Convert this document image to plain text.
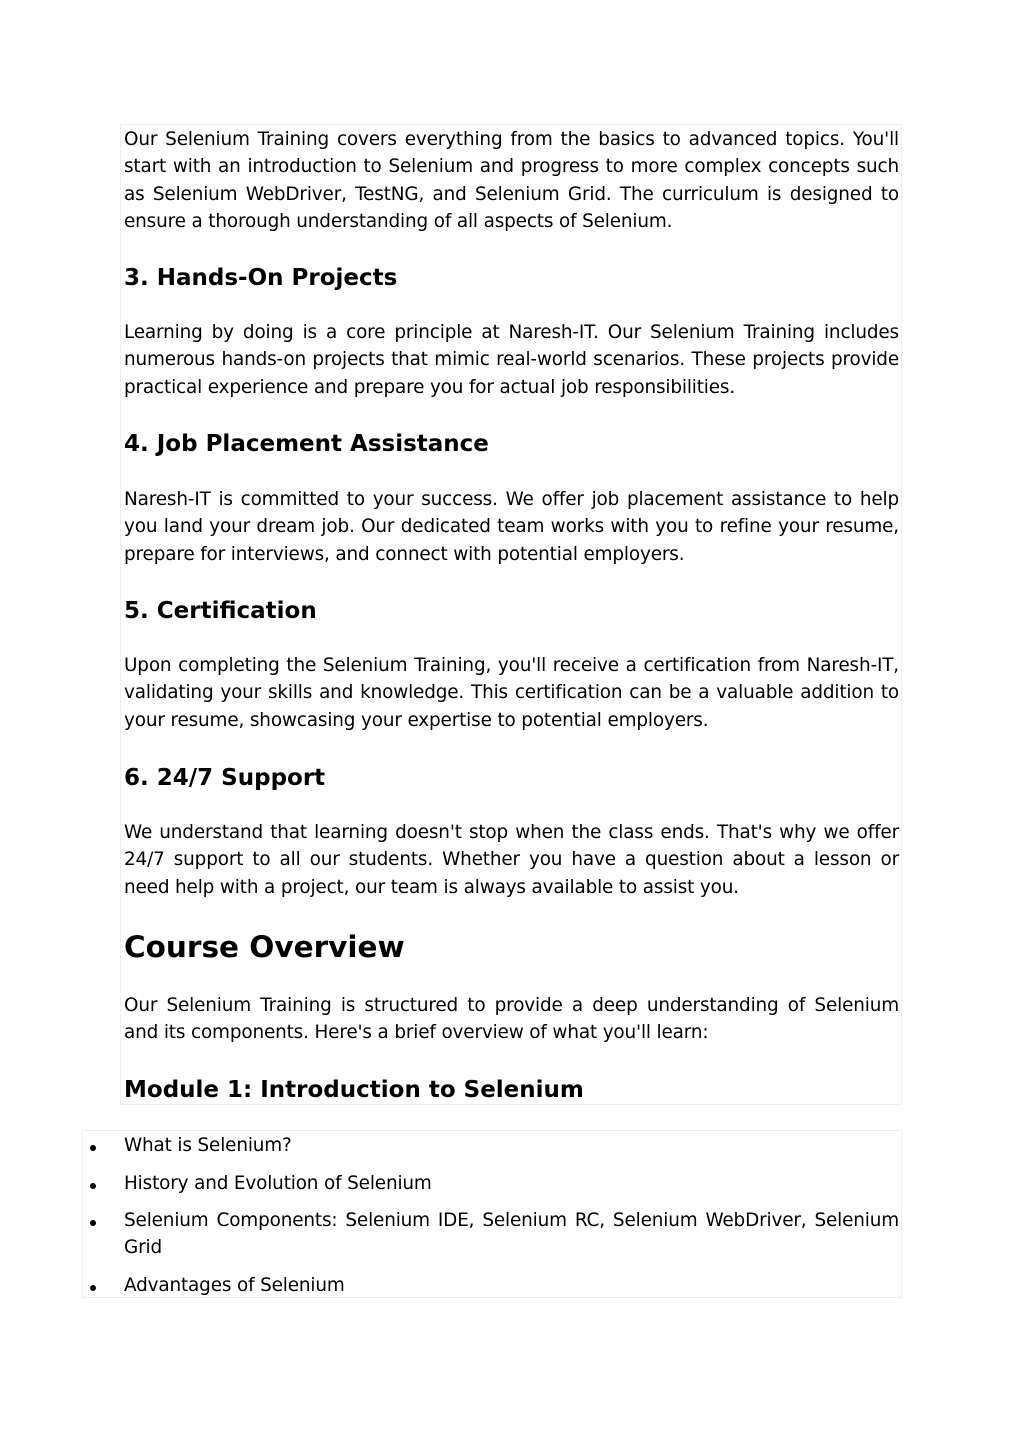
Our Selenium Training covers everything from the basics to advanced topics. You'll start with an introduction to Selenium and progress to more complex concepts such as Selenium WebDriver, TestNG, and Selenium Grid. The curriculum is designed to ensure a thorough understanding of all aspects of Selenium.

3. Hands-On Projects

Learning by doing is a core principle at Naresh-IT. Our Selenium Training includes numerous hands-on projects that mimic real-world scenarios. These projects provide practical experience and prepare you for actual job responsibilities.

4. Job Placement Assistance

Naresh-IT is committed to your success. We offer job placement assistance to help you land your dream job. Our dedicated team works with you to refine your resume, prepare for interviews, and connect with potential employers.

5. Certification

Upon completing the Selenium Training, you'll receive a certification from Naresh-IT, validating your skills and knowledge. This certification can be a valuable addition to your resume, showcasing your expertise to potential employers.

6. 24/7 Support

We understand that learning doesn't stop when the class ends. That's why we offer 24/7 support to all our students. Whether you have a question about a lesson or need help with a project, our team is always available to assist you.

Course Overview

Our Selenium Training is structured to provide a deep understanding of Selenium and its components. Here's a brief overview of what you'll learn:

Module 1: Introduction to Selenium
What is Selenium?
History and Evolution of Selenium
Selenium Components: Selenium IDE, Selenium RC, Selenium WebDriver, Selenium Grid
Advantages of Selenium
